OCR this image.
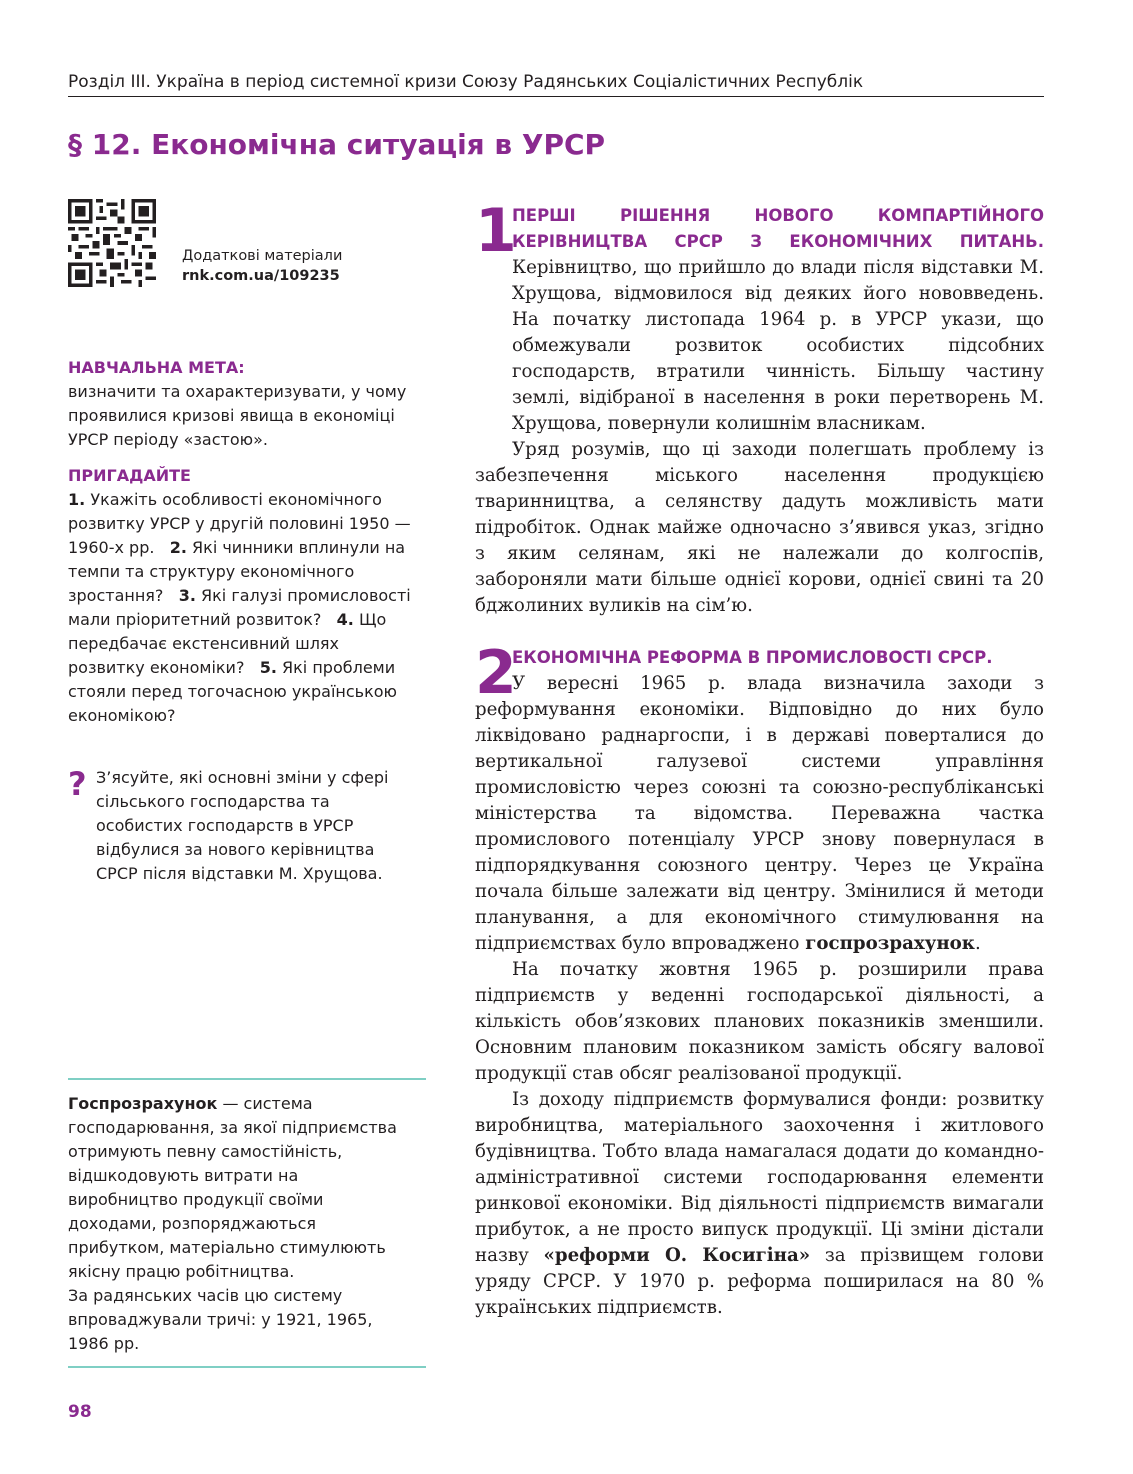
Розділ III. Україна в період системної кризи Союзу Радянських Соціалістичних Республік
§ 12. Економічна ситуація в УРСР
Додаткові матеріали
rnk.com.ua/109235
НАВЧАЛЬНА МЕТА:

визначити та охарактеризувати, у чому
проявилися кризові явища в економіці
УРСР періоду «застою».

ПРИГАДАЙТЕ
1. Укажіть особливості економічного розвитку УРСР у другій половині 1950 — 1960-х рр. 2. Які чинники вплинули на темпи та структуру економічного зростання? 3. Які галузі промисловості мали пріоритетний розвиток? 4. Що передбачає екстенсивний шлях розвитку економіки? 5. Які проблеми стояли перед тогочасною українською економікою?
? З’ясуйте, які основні зміни у сфері
сільського господарства та
особистих господарств в УРСР
відбулися за нового керівництва
СРСР після відставки М. Хрущова.
Госпрозрахунок — система
господарювання, за якої підприємства
отримують певну самостійність,
відшкодовують витрати на
виробництво продукції своїми
доходами, розпоряджаються
прибутком, матеріально стимулюють
якісну працю робітництва.
За радянських часів цю систему
впроваджували тричі: у 1921, 1965,
1986 рр.
98
1

ПЕРШІ РІШЕННЯ НОВОГО КОМПАРТІЙНОГО КЕРІВНИЦТВА СРСР З ЕКОНОМІЧНИХ ПИТАНЬ. Керівництво, що прийшло до влади після відставки М. Хрущова, відмовилося від деяких його нововведень. На початку листопада 1964 р. в УРСР укази, що обмежували розвиток особистих підсобних господарств, втратили чинність. Більшу частину землі, відібраної в населення в роки перетворень М. Хрущова, повернули колишнім власникам.

Уряд розумів, що ці заходи полегшать проблему із забезпечення міського населення продукцією тваринництва, а селянству дадуть можливість мати підробіток. Однак майже одночасно з’явився указ, згідно з яким селянам, які не належали до колгоспів, забороняли мати більше однієї корови, однієї свині та 20 бджолиних вуликів на сім’ю.

2

ЕКОНОМІЧНА РЕФОРМА В ПРОМИСЛОВОСТІ СРСР.
У вересні 1965 р. влада визначила заходи з реформування економіки. Відповідно до них було ліквідовано раднаргоспи, і в державі поверталися до вертикальної галузевої системи управління промисловістю через союзні та союзно-республіканські міністерства та відомства. Переважна частка промислового потенціалу УРСР знову повернулася в підпорядкування союзного центру. Через це Україна почала більше залежати від центру. Змінилися й методи планування, а для економічного стимулювання на підприємствах було впроваджено госпрозрахунок.

На початку жовтня 1965 р. розширили права підприємств у веденні господарської діяльності, а кількість обов’язкових планових показників зменшили. Основним плановим показником замість обсягу валової продукції став обсяг реалізованої продукції.

Із доходу підприємств формувалися фонди: розвитку виробництва, матеріального заохочення і житлового будівництва. Тобто влада намагалася додати до командно-адміністративної системи господарювання елементи ринкової економіки. Від діяльності підприємств вимагали прибуток, а не просто випуск продукції. Ці зміни дістали назву «реформи О. Косигіна» за прізвищем голови уряду СРСР. У 1970 р. реформа поширилася на 80 % українських підприємств.
